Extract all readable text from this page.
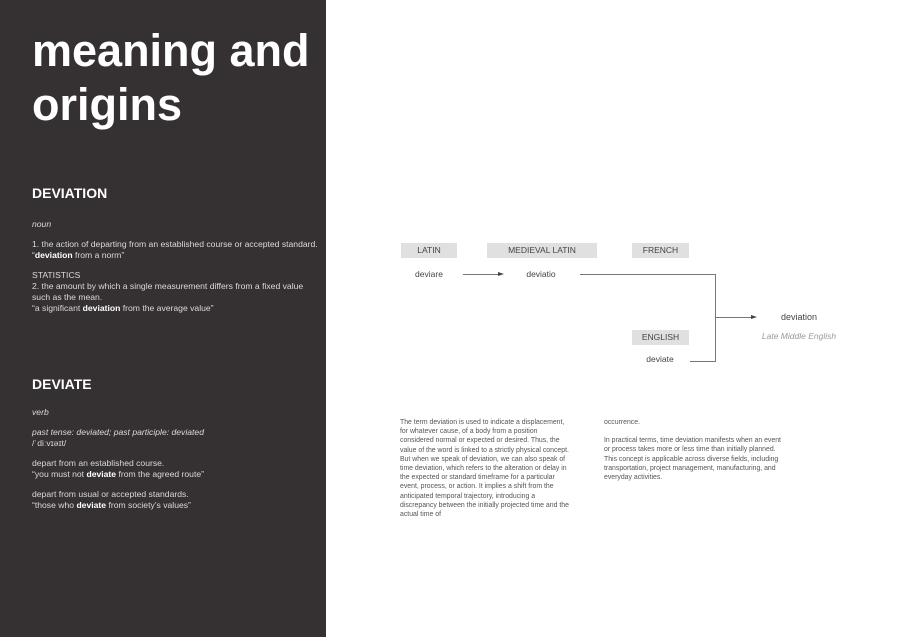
meaning and
origins
DEVIATION

noun

1. the action of departing from an established course or accepted standard.
“deviation from a norm”

STATISTICS
2. the amount by which a single measurement differs from a fixed value such as the mean.
“a significant deviation from the average value”

DEVIATE

verb

past tense: deviated; past participle: deviated
/ˈdiːvɪəɪt/

depart from an established course.
“you must not deviate from the agreed route”

depart from usual or accepted standards.
“those who deviate from society’s values”

LATIN	MEDIEVAL LATIN	FRENCH
ENGLISH
deviare	deviatio
deviate
deviation
Late Middle English

The term deviation is used to indicate a displacement, for whatever cause, of a body from a position considered normal or expected or desired. Thus, the value of the word is linked to a strictly physical concept. But when we speak of deviation, we can also speak of time deviation, which refers to the alteration or delay in the expected or standard timeframe for a particular event, process, or action. It implies a shift from the anticipated temporal trajectory, introducing a discrepancy between the initially projected time and the actual time of

occurrence.

In practical terms, time deviation manifests when an event or process takes more or less time than initially planned. This concept is applicable across diverse fields, including transportation, project management, manufacturing, and everyday activities.
